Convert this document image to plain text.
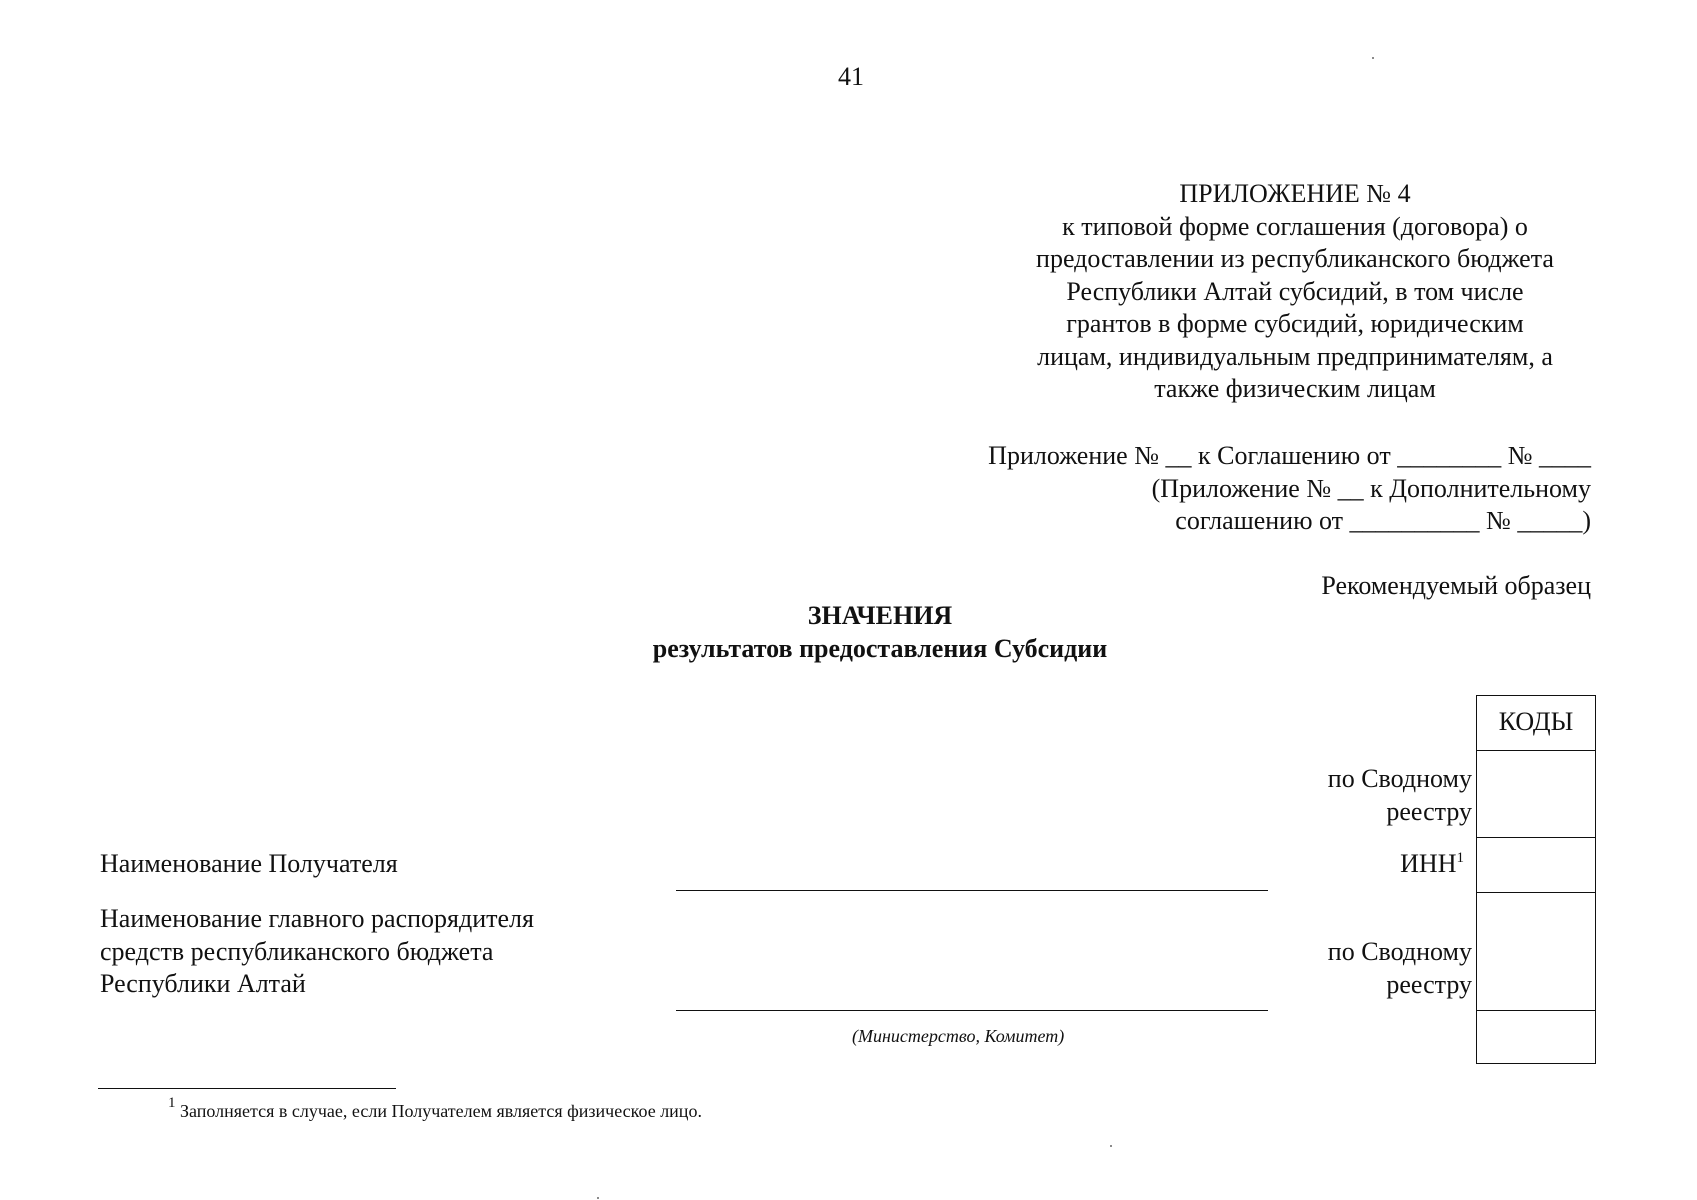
41
ПРИЛОЖЕНИЕ № 4
к типовой форме соглашения (договора) о
предоставлении из республиканского бюджета
Республики Алтай субсидий, в том числе
грантов в форме субсидий, юридическим
лицам, индивидуальным предпринимателям, а
также физическим лицам
Приложение № __ к Соглашению от ________ № ____
(Приложение № __ к Дополнительному
соглашению от __________ № _____)
Рекомендуемый образец
ЗНАЧЕНИЯ
результатов предоставления Субсидии
КОДЫ
по Сводному
реестру
ИНН$^1$
по Сводному
реестру
Наименование Получателя
Наименование главного распорядителя
средств республиканского бюджета
Республики Алтай
(Министерство, Комитет)
$^1$ Заполняется в случае, если Получателем является физическое лицо.
